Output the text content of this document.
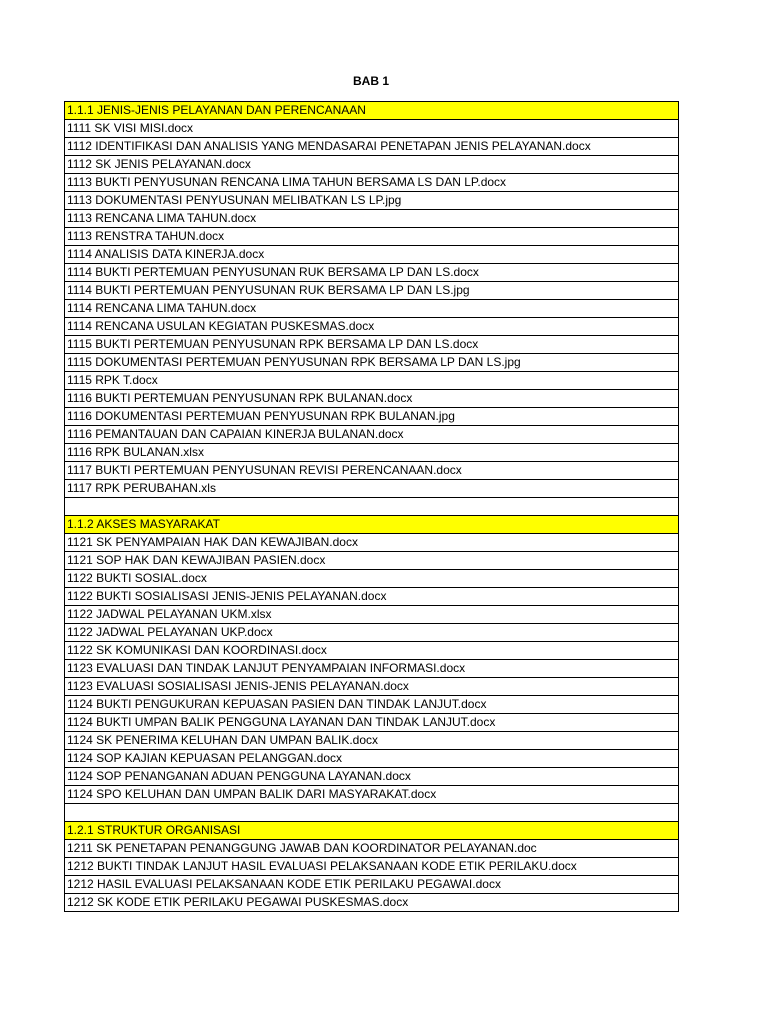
BAB 1
1.1.1 JENIS-JENIS PELAYANAN DAN PERENCANAAN
1111 SK VISI MISI.docx
1112 IDENTIFIKASI DAN ANALISIS YANG MENDASARAI PENETAPAN JENIS PELAYANAN.docx
1112 SK JENIS PELAYANAN.docx
1113 BUKTI PENYUSUNAN RENCANA LIMA TAHUN BERSAMA LS DAN LP.docx
1113 DOKUMENTASI PENYUSUNAN MELIBATKAN LS LP.jpg
1113 RENCANA LIMA TAHUN.docx
1113 RENSTRA TAHUN.docx
1114 ANALISIS DATA KINERJA.docx
1114 BUKTI PERTEMUAN PENYUSUNAN RUK BERSAMA LP DAN LS.docx
1114 BUKTI PERTEMUAN PENYUSUNAN RUK BERSAMA LP DAN LS.jpg
1114 RENCANA LIMA TAHUN.docx
1114 RENCANA USULAN KEGIATAN PUSKESMAS.docx
1115 BUKTI PERTEMUAN PENYUSUNAN RPK BERSAMA LP DAN LS.docx
1115 DOKUMENTASI PERTEMUAN PENYUSUNAN RPK BERSAMA LP DAN LS.jpg
1115 RPK T.docx
1116 BUKTI PERTEMUAN PENYUSUNAN RPK BULANAN.docx
1116 DOKUMENTASI PERTEMUAN PENYUSUNAN RPK BULANAN.jpg
1116 PEMANTAUAN DAN CAPAIAN KINERJA BULANAN.docx
1116 RPK BULANAN.xlsx
1117 BUKTI PERTEMUAN PENYUSUNAN REVISI PERENCANAAN.docx
1117 RPK PERUBAHAN.xls

1.1.2 AKSES MASYARAKAT
1121 SK PENYAMPAIAN HAK DAN KEWAJIBAN.docx
1121 SOP HAK DAN KEWAJIBAN PASIEN.docx
1122 BUKTI SOSIAL.docx
1122 BUKTI SOSIALISASI JENIS-JENIS PELAYANAN.docx
1122 JADWAL PELAYANAN UKM.xlsx
1122 JADWAL PELAYANAN UKP.docx
1122 SK KOMUNIKASI DAN KOORDINASI.docx
1123 EVALUASI DAN TINDAK LANJUT PENYAMPAIAN INFORMASI.docx
1123 EVALUASI SOSIALISASI JENIS-JENIS PELAYANAN.docx
1124 BUKTI PENGUKURAN KEPUASAN PASIEN DAN TINDAK LANJUT.docx
1124 BUKTI UMPAN BALIK PENGGUNA LAYANAN DAN TINDAK LANJUT.docx
1124 SK PENERIMA KELUHAN DAN UMPAN BALIK.docx
1124 SOP KAJIAN KEPUASAN PELANGGAN.docx
1124 SOP PENANGANAN ADUAN PENGGUNA LAYANAN.docx
1124 SPO KELUHAN DAN UMPAN BALIK DARI MASYARAKAT.docx

1.2.1 STRUKTUR ORGANISASI
1211 SK PENETAPAN PENANGGUNG JAWAB DAN KOORDINATOR PELAYANAN.doc
1212 BUKTI TINDAK LANJUT HASIL EVALUASI PELAKSANAAN KODE ETIK PERILAKU.docx
1212 HASIL EVALUASI PELAKSANAAN KODE ETIK PERILAKU PEGAWAI.docx
1212 SK KODE ETIK PERILAKU PEGAWAI PUSKESMAS.docx
